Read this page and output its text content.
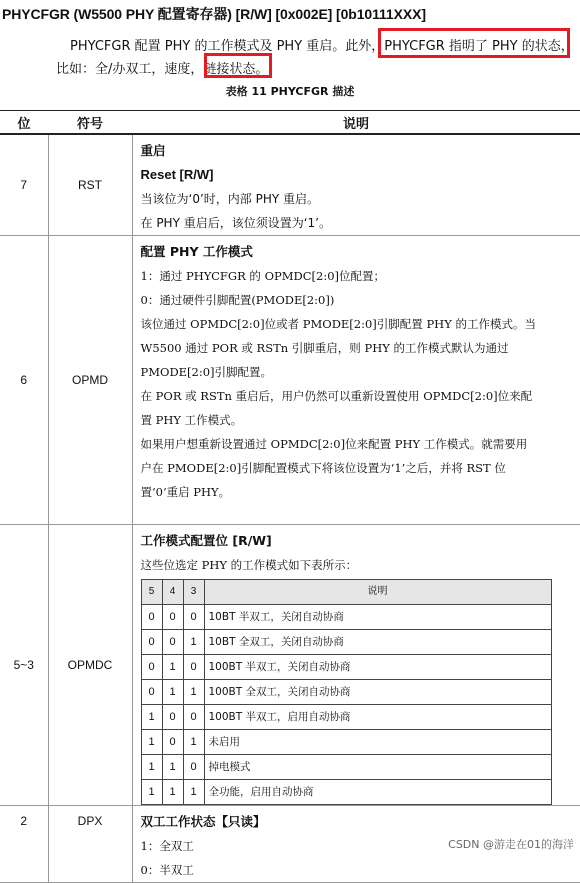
PHYCFGR (W5500 PHY 配置寄存器) [R/W] [0x002E] [0b10111XXX]
PHYCFGR 配置 PHY 的工作模式及 PHY 重启。此外，PHYCFGR 指明了 PHY 的状态，
比如：全/办双工，速度，链接状态。
表格 11 PHYCFGR 描述
位	符号	说明
7	RST	
重启
Reset [R/W]
当该位为‘0’时，内部 PHY 重启。
在 PHY 重启后，该位须设置为‘1’。

6	OPMD	
配置 PHY 工作模式
1：通过 PHYCFGR 的 OPMDC[2:0]位配置；
0：通过硬件引脚配置(PMODE[2:0])
该位通过 OPMDC[2:0]位或者 PMODE[2:0]引脚配置 PHY 的工作模式。当
W5500 通过 POR 或 RSTn 引脚重启，则 PHY 的工作模式默认为通过
PMODE[2:0]引脚配置。
在 POR 或 RSTn 重启后，用户仍然可以重新设置使用 OPMDC[2:0]位来配
置 PHY 工作模式。
如果用户想重新设置通过 OPMDC[2:0]位来配置 PHY 工作模式。就需要用
户在 PMODE[2:0]引脚配置模式下将该位设置为‘1’之后，并将 RST 位
置‘0‘重启 PHY。

5~3	OPMDC	
工作模式配置位 [R/W]
这些位选定 PHY 的工作模式如下表所示：
5	4	3	说明
0	0	0	10BT 半双工，关闭自动协商
0	0	1	10BT 全双工，关闭自动协商
0	1	0	100BT 半双工，关闭自动协商
0	1	1	100BT 全双工，关闭自动协商
1	0	0	100BT 半双工，启用自动协商
1	0	1	未启用
1	1	0	掉电模式
1	1	1	全功能，启用自动协商

2	DPX	双工工作状态【只读】
1：全双工
0：半双工
CSDN @游走在01的海洋
